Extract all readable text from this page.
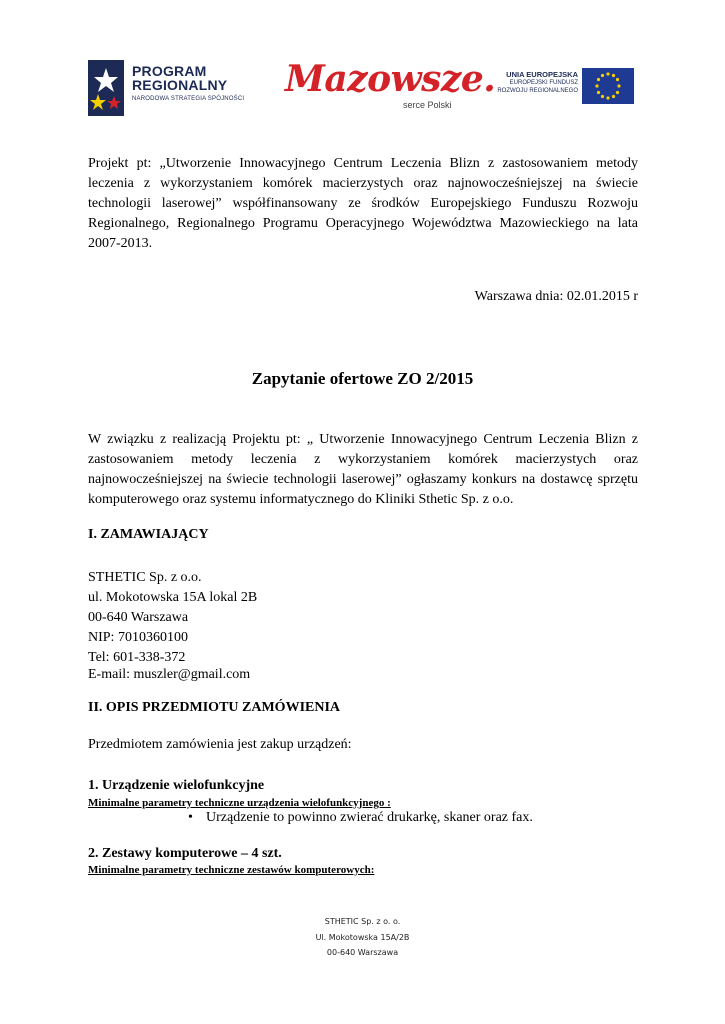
PROGRAM
REGIONALNY
NARODOWA STRATEGIA SPÓJNOŚCI Mazowsze.
serce Polski
UNIA EUROPEJSKA
EUROPEJSKI FUNDUSZ
ROZWOJU REGIONALNEGO
Projekt pt: „Utworzenie Innowacyjnego Centrum Leczenia Blizn z zastosowaniem metody leczenia z wykorzystaniem komórek macierzystych oraz najnowocześniejszej na świecie technologii laserowej” współfinansowany ze środków Europejskiego Funduszu Rozwoju Regionalnego, Regionalnego Programu Operacyjnego Województwa Mazowieckiego na lata 2007-2013.
Warszawa dnia: 02.01.2015 r
Zapytanie ofertowe ZO 2/2015
W związku z realizacją Projektu pt: „ Utworzenie Innowacyjnego Centrum Leczenia Blizn z zastosowaniem metody leczenia z wykorzystaniem komórek macierzystych oraz najnowocześniejszej na świecie technologii laserowej” ogłaszamy konkurs na dostawcę sprzętu komputerowego oraz systemu informatycznego do Kliniki Sthetic Sp. z o.o.
I. ZAMAWIAJĄCY
STHETIC Sp. z o.o.
ul. Mokotowska 15A lokal 2B
00-640 Warszawa
NIP: 7010360100
Tel: 601-338-372
E-mail: muszler@gmail.com
II. OPIS PRZEDMIOTU ZAMÓWIENIA
Przedmiotem zamówienia jest zakup urządzeń:
1. Urządzenie wielofunkcyjne
Minimalne parametry techniczne urządzenia wielofunkcyjnego :
• Urządzenie to powinno zwierać drukarkę, skaner oraz fax.
2. Zestawy komputerowe – 4 szt.
Minimalne parametry techniczne zestawów komputerowych:
STHETIC Sp. z o. o.
Ul. Mokotowska 15A/2B
00-640 Warszawa
